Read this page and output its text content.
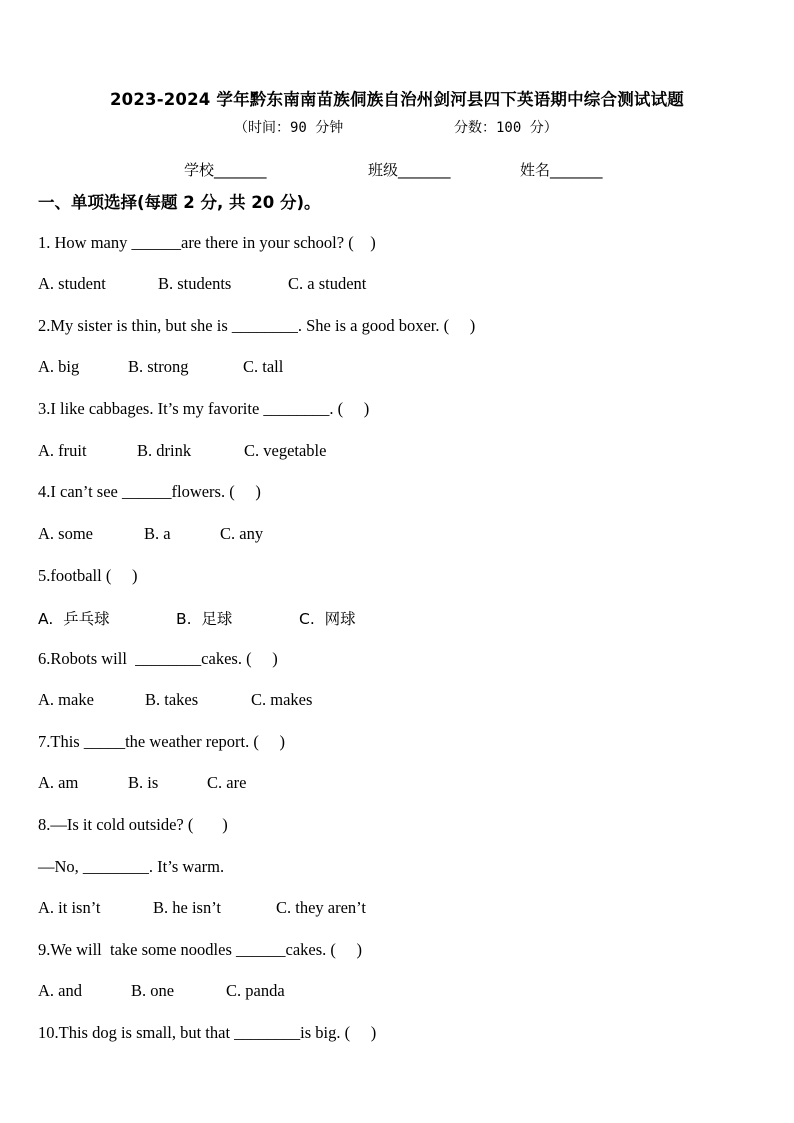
2023-2024 学年黔东南南苗族侗族自治州剑河县四下英语期中综合测试试题
（时间：90 分钟	分数：100 分）
学校_______	班级_______	姓名_______
一、单项选择(每题 2 分, 共 20 分)。
1. How many ______are there in your school? (    )
A. student	B. students	C. a student
2.My sister is thin, but she is ________. She is a good boxer. (     )
A. big	B. strong	C. tall
3.I like cabbages. It’s my favorite ________. (     )
A. fruit	B. drink	C. vegetable
4.I can’t see ______flowers. (     )
A. some	B. a	C. any
5.football (     )
A.  乒乓球	B.  足球	C.  网球
6.Robots will  ________cakes. (     )
A. make	B. takes	C. makes
7.This _____the weather report. (     )
A. am	B. is	C. are
8.—Is it cold outside? (       )
—No, ________. It’s warm.
A. it isn’t	B. he isn’t	C. they aren’t
9.We will  take some noodles ______cakes. (     )
A. and	B. one	C. panda
10.This dog is small, but that ________is big. (     )
